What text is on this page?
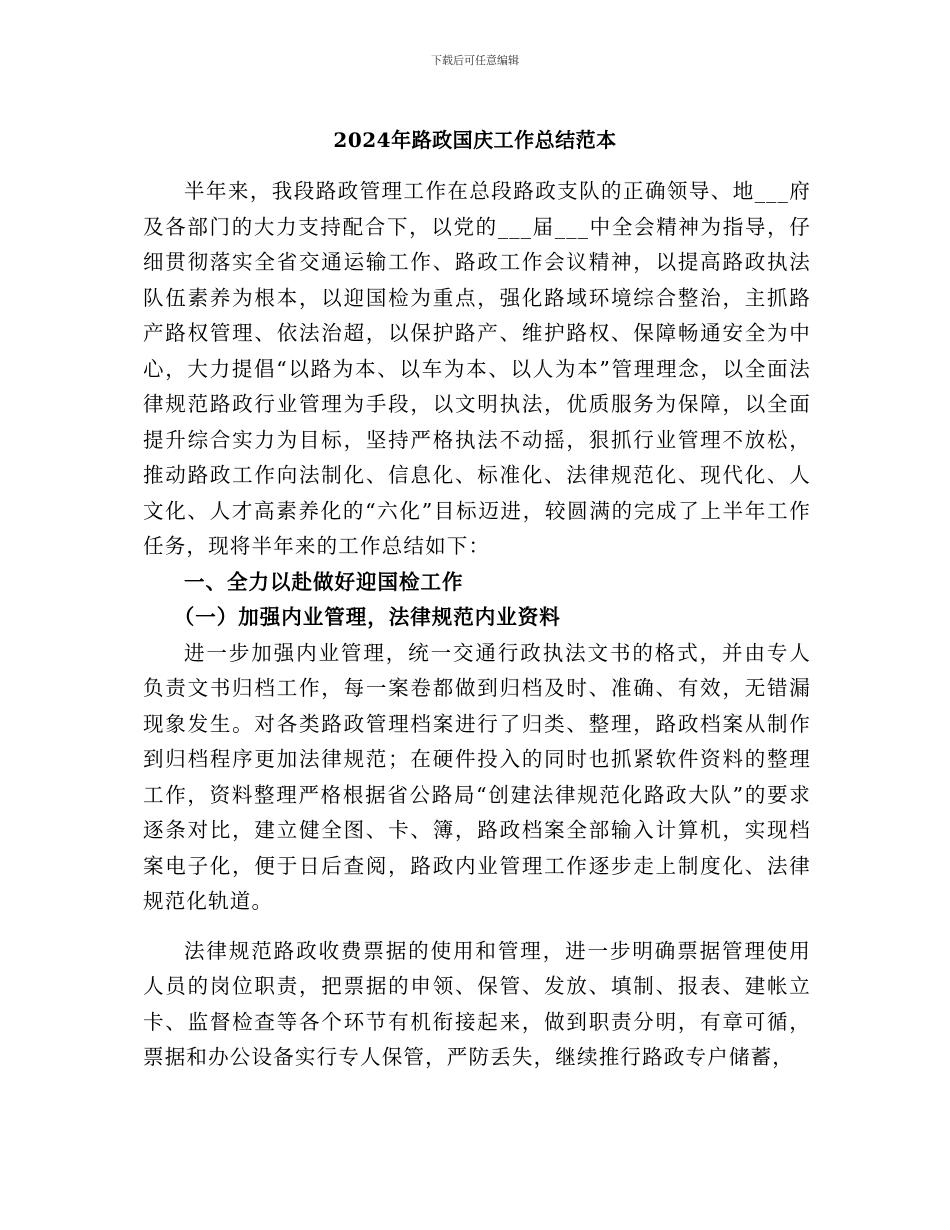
下载后可任意编辑
2024年路政国庆工作总结范本

半年来，我段路政管理工作在总段路政支队的正确领导、地___府及各部门的大力支持配合下，以党的___届___中全会精神为指导，仔细贯彻落实全省交通运输工作、路政工作会议精神，以提高路政执法队伍素养为根本，以迎国检为重点，强化路域环境综合整治，主抓路产路权管理、依法治超，以保护路产、维护路权、保障畅通安全为中心，大力提倡“以路为本、以车为本、以人为本”管理理念，以全面法律规范路政行业管理为手段，以文明执法，优质服务为保障，以全面提升综合实力为目标，坚持严格执法不动摇，狠抓行业管理不放松，推动路政工作向法制化、信息化、标准化、法律规范化、现代化、人文化、人才高素养化的“六化”目标迈进，较圆满的完成了上半年工作任务，现将半年来的工作总结如下：

一、全力以赴做好迎国检工作

（一）加强内业管理，法律规范内业资料

进一步加强内业管理，统一交通行政执法文书的格式，并由专人负责文书归档工作，每一案卷都做到归档及时、准确、有效，无错漏现象发生。对各类路政管理档案进行了归类、整理，路政档案从制作到归档程序更加法律规范；在硬件投入的同时也抓紧软件资料的整理工作，资料整理严格根据省公路局“创建法律规范化路政大队”的要求逐条对比，建立健全图、卡、簿，路政档案全部输入计算机，实现档案电子化，便于日后查阅，路政内业管理工作逐步走上制度化、法律规范化轨道。

法律规范路政收费票据的使用和管理，进一步明确票据管理使用人员的岗位职责，把票据的申领、保管、发放、填制、报表、建帐立卡、监督检查等各个环节有机衔接起来，做到职责分明，有章可循，票据和办公设备实行专人保管，严防丢失，继续推行路政专户储蓄，
